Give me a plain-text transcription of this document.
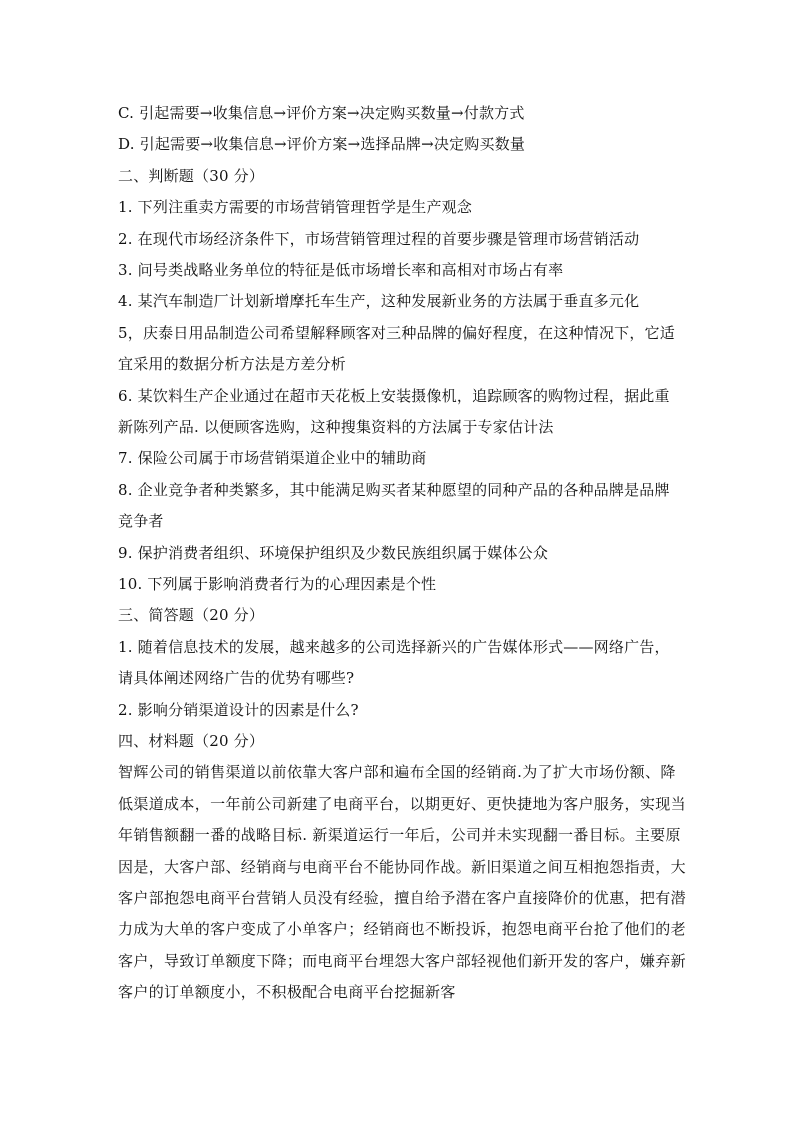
C. 引起需要→收集信息→评价方案→决定购买数量→付款方式
D. 引起需要→收集信息→评价方案→选择品牌→决定购买数量
二、判断题（30 分）
1. 下列注重卖方需要的市场营销管理哲学是生产观念
2. 在现代市场经济条件下，市场营销管理过程的首要步骤是管理市场营销活动
3. 问号类战略业务单位的特征是低市场增长率和高相对市场占有率
4. 某汽车制造厂计划新增摩托车生产，这种发展新业务的方法属于垂直多元化
5，庆泰日用品制造公司希望解释顾客对三种品牌的偏好程度，在这种情况下，它适宜采用的数据分析方法是方差分析
6. 某饮料生产企业通过在超市天花板上安装摄像机，追踪顾客的购物过程，据此重新陈列产品. 以便顾客选购，这种搜集资料的方法属于专家估计法
7. 保险公司属于市场营销渠道企业中的辅助商
8. 企业竞争者种类繁多，其中能满足购买者某种愿望的同种产品的各种品牌是品牌竞争者
9. 保护消费者组织、环境保护组织及少数民族组织属于媒体公众
10. 下列属于影响消费者行为的心理因素是个性
三、简答题（20 分）
1. 随着信息技术的发展，越来越多的公司选择新兴的广告媒体形式——网络广告，请具体阐述网络广告的优势有哪些?
2. 影响分销渠道设计的因素是什么?
四、材料题（20 分）
智辉公司的销售渠道以前依靠大客户部和遍布全国的经销商.为了扩大市场份额、降低渠道成本，一年前公司新建了电商平台，以期更好、更快捷地为客户服务，实现当年销售额翻一番的战略目标. 新渠道运行一年后，公司并未实现翻一番目标。主要原因是，大客户部、经销商与电商平台不能协同作战。新旧渠道之间互相抱怨指责，大客户部抱怨电商平台营销人员没有经验，擅自给予潜在客户直接降价的优惠，把有潜力成为大单的客户变成了小单客户；经销商也不断投诉，抱怨电商平台抢了他们的老客户，导致订单额度下降；而电商平台埋怨大客户部轻视他们新开发的客户，嫌弃新客户的订单额度小，不积极配合电商平台挖掘新客
